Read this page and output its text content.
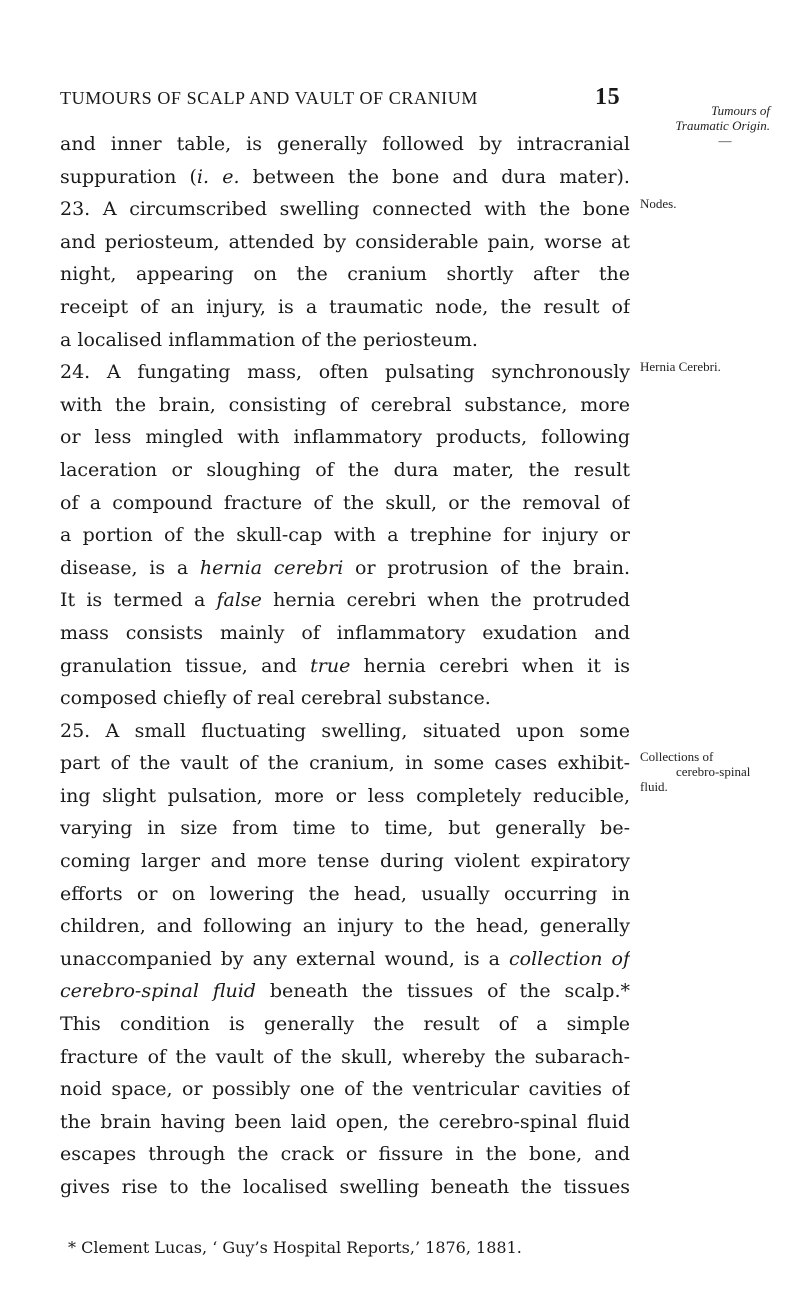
TUMOURS OF SCALP AND VAULT OF CRANIUM	15
Tumours of
Traumatic Origin.
—
Nodes.
Hernia Cerebri.
Collections of
cerebro-spinal
fluid.
and inner table, is generally followed by intracranial
suppuration (i. e. between the bone and dura mater).
23. A circumscribed swelling connected with the bone
and periosteum, attended by considerable pain, worse at
night, appearing on the cranium shortly after the
receipt of an injury, is a traumatic node, the result of
a localised inflammation of the periosteum.
24. A fungating mass, often pulsating synchronously
with the brain, consisting of cerebral substance, more
or less mingled with inflammatory products, following
laceration or sloughing of the dura mater, the result
of a compound fracture of the skull, or the removal of
a portion of the skull-cap with a trephine for injury or
disease, is a hernia cerebri or protrusion of the brain.
It is termed a false hernia cerebri when the protruded
mass consists mainly of inflammatory exudation and
granulation tissue, and true hernia cerebri when it is
composed chiefly of real cerebral substance.
25. A small fluctuating swelling, situated upon some
part of the vault of the cranium, in some cases exhibit-
ing slight pulsation, more or less completely reducible,
varying in size from time to time, but generally be-
coming larger and more tense during violent expiratory
efforts or on lowering the head, usually occurring in
children, and following an injury to the head, generally
unaccompanied by any external wound, is a collection of
cerebro-spinal fluid beneath the tissues of the scalp.*
This condition is generally the result of a simple
fracture of the vault of the skull, whereby the subarach-
noid space, or possibly one of the ventricular cavities of
the brain having been laid open, the cerebro-spinal fluid
escapes through the crack or fissure in the bone, and
gives rise to the localised swelling beneath the tissues
* Clement Lucas, ‘ Guy’s Hospital Reports,’ 1876, 1881.
